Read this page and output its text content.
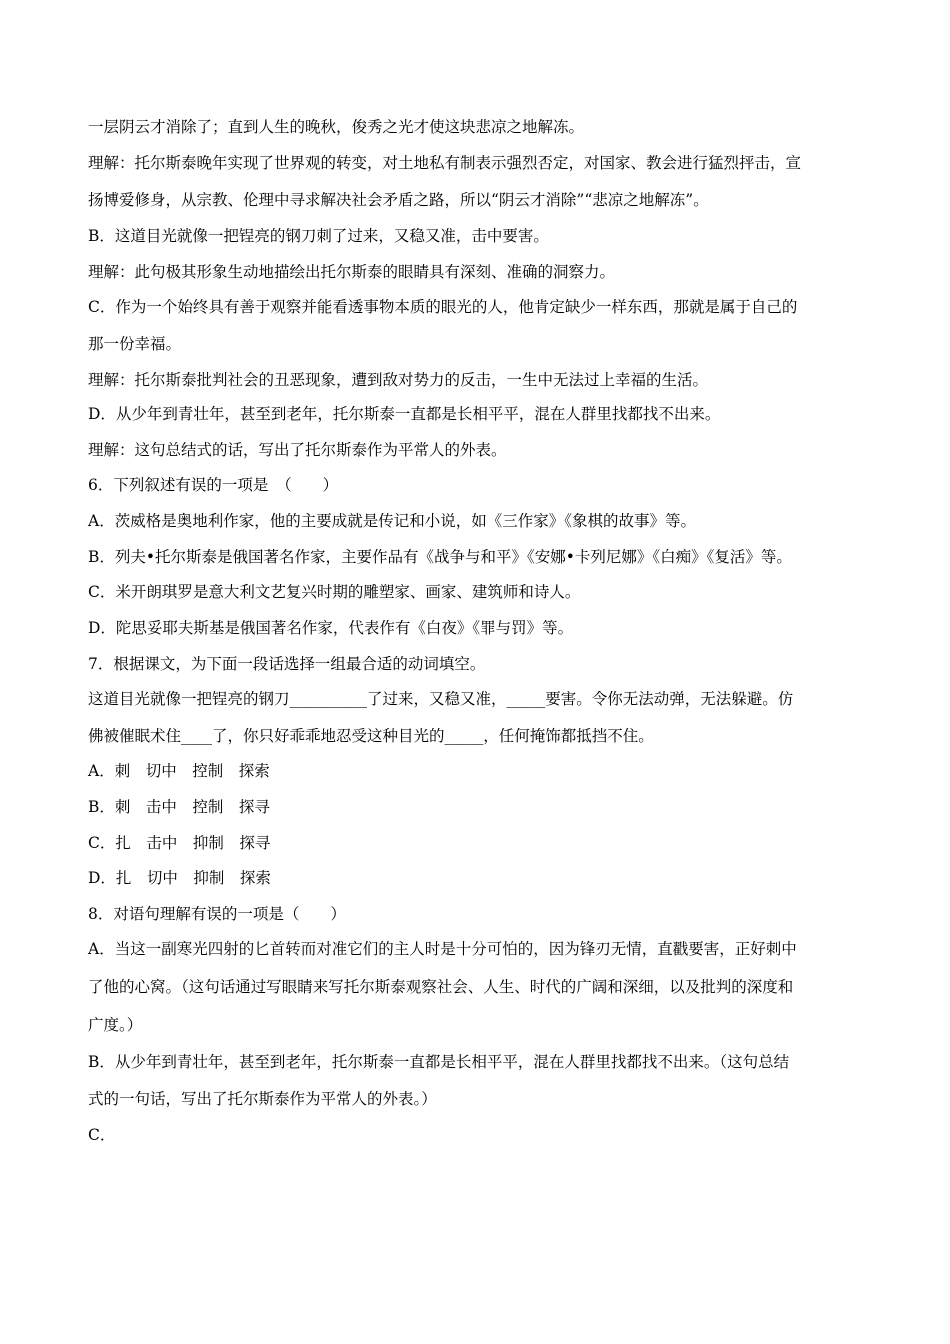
一层阴云才消除了；直到人生的晚秋，俊秀之光才使这块悲凉之地解冻。
理解：托尔斯泰晚年实现了世界观的转变，对土地私有制表示强烈否定，对国家、教会进行猛烈抨击，宣
扬博爱修身，从宗教、伦理中寻求解决社会矛盾之路，所以“阴云才消除”“悲凉之地解冻”。
B．这道目光就像一把锃亮的钢刀刺了过来，又稳又准，击中要害。
理解：此句极其形象生动地描绘出托尔斯泰的眼睛具有深刻、准确的洞察力。
C．作为一个始终具有善于观察并能看透事物本质的眼光的人，他肯定缺少一样东西，那就是属于自己的
那一份幸福。
理解：托尔斯泰批判社会的丑恶现象，遭到敌对势力的反击，一生中无法过上幸福的生活。
D．从少年到青壮年，甚至到老年，托尔斯泰一直都是长相平平，混在人群里找都找不出来。
理解：这句总结式的话，写出了托尔斯泰作为平常人的外表。
6．下列叙述有误的一项是　（　　）
A．茨威格是奥地利作家，他的主要成就是传记和小说，如《三作家》《象棋的故事》等。
B．列夫•托尔斯泰是俄国著名作家，主要作品有《战争与和平》《安娜•卡列尼娜》《白痴》《复活》等。
C．米开朗琪罗是意大利文艺复兴时期的雕塑家、画家、建筑师和诗人。
D．陀思妥耶夫斯基是俄国著名作家，代表作有《白夜》《罪与罚》等。
7．根据课文，为下面一段话选择一组最合适的动词填空。
这道目光就像一把锃亮的钢刀__________了过来，又稳又准，_____要害。令你无法动弹，无法躲避。仿
佛被催眠术住____了，你只好乖乖地忍受这种目光的_____，任何掩饰都抵挡不住。
A．刺　切中　控制　探索
B．刺　击中　控制　探寻
C．扎　击中　抑制　探寻
D．扎　切中　抑制　探索
8．对语句理解有误的一项是（　　）
A．当这一副寒光四射的匕首转而对准它们的主人时是十分可怕的，因为锋刃无情，直戳要害，正好刺中
了他的心窝。（这句话通过写眼睛来写托尔斯泰观察社会、人生、时代的广阔和深细，以及批判的深度和
广度。）
B．从少年到青壮年，甚至到老年，托尔斯泰一直都是长相平平，混在人群里找都找不出来。（这句总结
式的一句话，写出了托尔斯泰作为平常人的外表。）
C．
